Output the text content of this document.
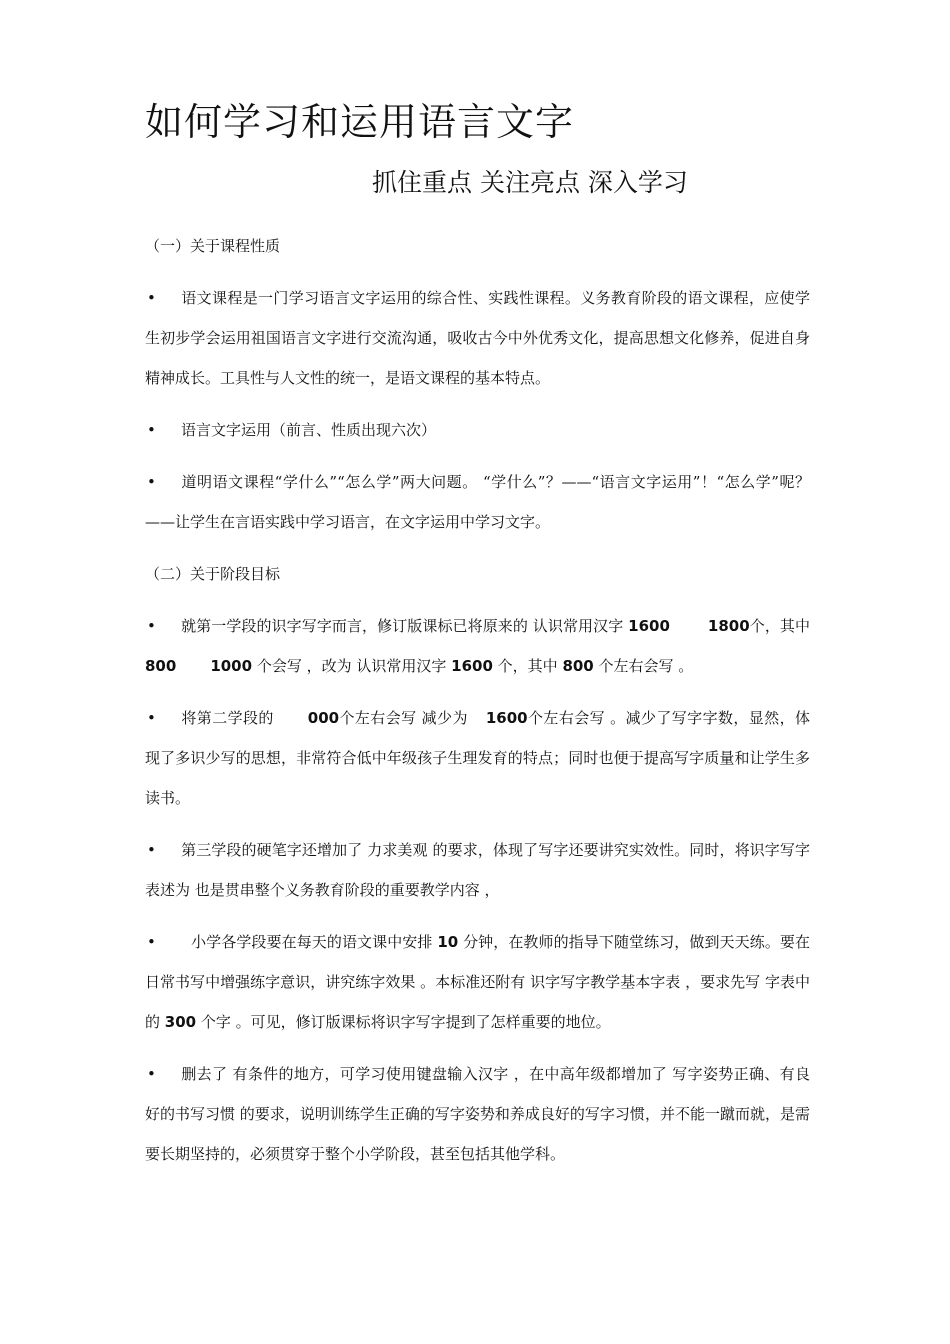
如何学习和运用语言文字
抓住重点 关注亮点 深入学习

（一）关于课程性质

• 语文课程是一门学习语言文字运用的综合性、实践性课程。义务教育阶段的语文课程，应使学生初步学会运用祖国语言文字进行交流沟通，吸收古今中外优秀文化，提高思想文化修养，促进自身精神成长。工具性与人文性的统一，是语文课程的基本特点。

• 语言文字运用（前言、性质出现六次）

• 道明语文课程“学什么”“怎么学”两大问题。 “学什么”？——“语言文字运用”！“怎么学”呢？——让学生在言语实践中学习语言，在文字运用中学习文字。

（二）关于阶段目标

• 就第一学段的识字写字而言，修订版课标已将原来的 认识常用汉字 1600	1800个，其中 800 1000 个会写 ，改为 认识常用汉字 1600 个，其中 800 个左右会写 。

• 将第二学段的 000个左右会写 减少为 1600个左右会写 。减少了写字字数，显然，体现了多识少写的思想，非常符合低中年级孩子生理发育的特点；同时也便于提高写字质量和让学生多读书。

• 第三学段的硬笔字还增加了 力求美观 的要求，体现了写字还要讲究实效性。同时，将识字写字表述为 也是贯串整个义务教育阶段的重要教学内容 ，

• 小学各学段要在每天的语文课中安排 10 分钟，在教师的指导下随堂练习，做到天天练。要在日常书写中增强练字意识，讲究练字效果 。本标准还附有 识字写字教学基本字表 ，要求先写 字表中的 300 个字 。可见，修订版课标将识字写字提到了怎样重要的地位。

• 删去了 有条件的地方，可学习使用键盘输入汉字 ，在中高年级都增加了 写字姿势正确、有良好的书写习惯 的要求，说明训练学生正确的写字姿势和养成良好的写字习惯，并不能一蹴而就，是需要长期坚持的，必须贯穿于整个小学阶段，甚至包括其他学科。
